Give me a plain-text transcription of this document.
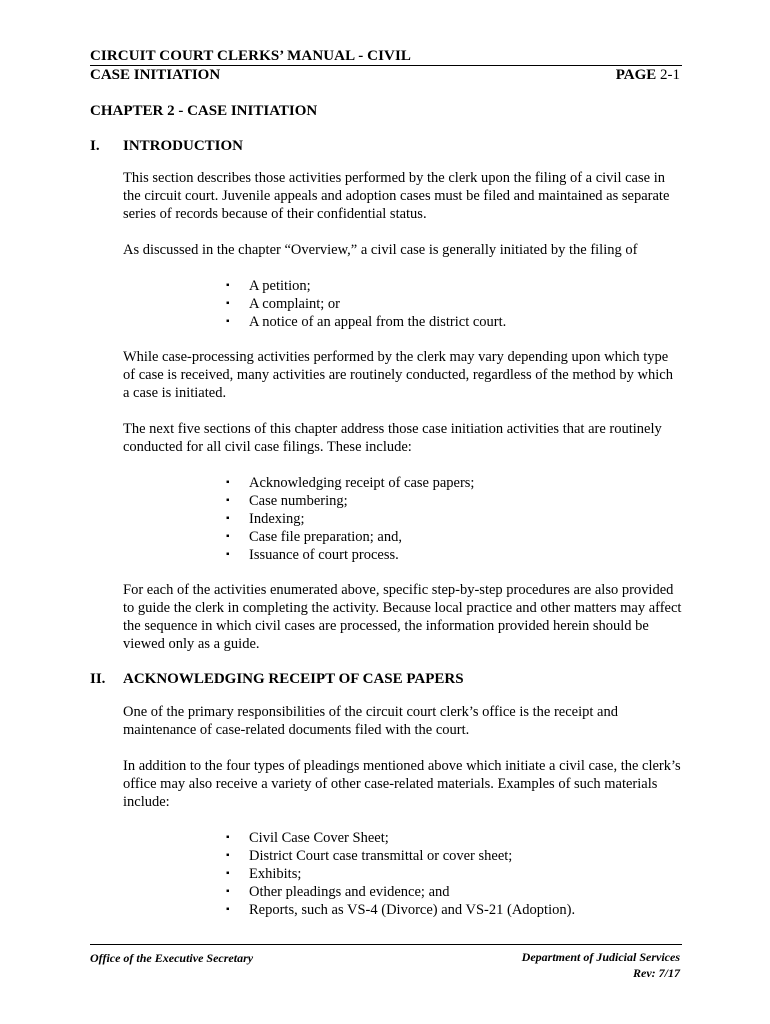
CIRCUIT COURT CLERKS’ MANUAL - CIVIL
CASE INITIATION	PAGE 2-1
CHAPTER 2 - CASE INITIATION
I. INTRODUCTION

This section describes those activities performed by the clerk upon the filing of a civil case in the circuit court. Juvenile appeals and adoption cases must be filed and maintained as separate series of records because of their confidential status.

As discussed in the chapter “Overview,” a civil case is generally initiated by the filing of

▪ A petition;
▪ A complaint; or
▪ A notice of an appeal from the district court.

While case-processing activities performed by the clerk may vary depending upon which type of case is received, many activities are routinely conducted, regardless of the method by which a case is initiated.

The next five sections of this chapter address those case initiation activities that are routinely conducted for all civil case filings. These include:

▪ Acknowledging receipt of case papers;
▪ Case numbering;
▪ Indexing;
▪ Case file preparation; and,
▪ Issuance of court process.

For each of the activities enumerated above, specific step-by-step procedures are also provided to guide the clerk in completing the activity. Because local practice and other matters may affect the sequence in which civil cases are processed, the information provided herein should be viewed only as a guide.

II. ACKNOWLEDGING RECEIPT OF CASE PAPERS

One of the primary responsibilities of the circuit court clerk’s office is the receipt and maintenance of case-related documents filed with the court.

In addition to the four types of pleadings mentioned above which initiate a civil case, the clerk’s office may also receive a variety of other case-related materials. Examples of such materials include:

▪ Civil Case Cover Sheet;
▪ District Court case transmittal or cover sheet;
▪ Exhibits;
▪ Other pleadings and evidence; and
▪ Reports, such as VS-4 (Divorce) and VS-21 (Adoption).
Office of the Executive Secretary	Department of Judicial Services
Rev: 7/17
